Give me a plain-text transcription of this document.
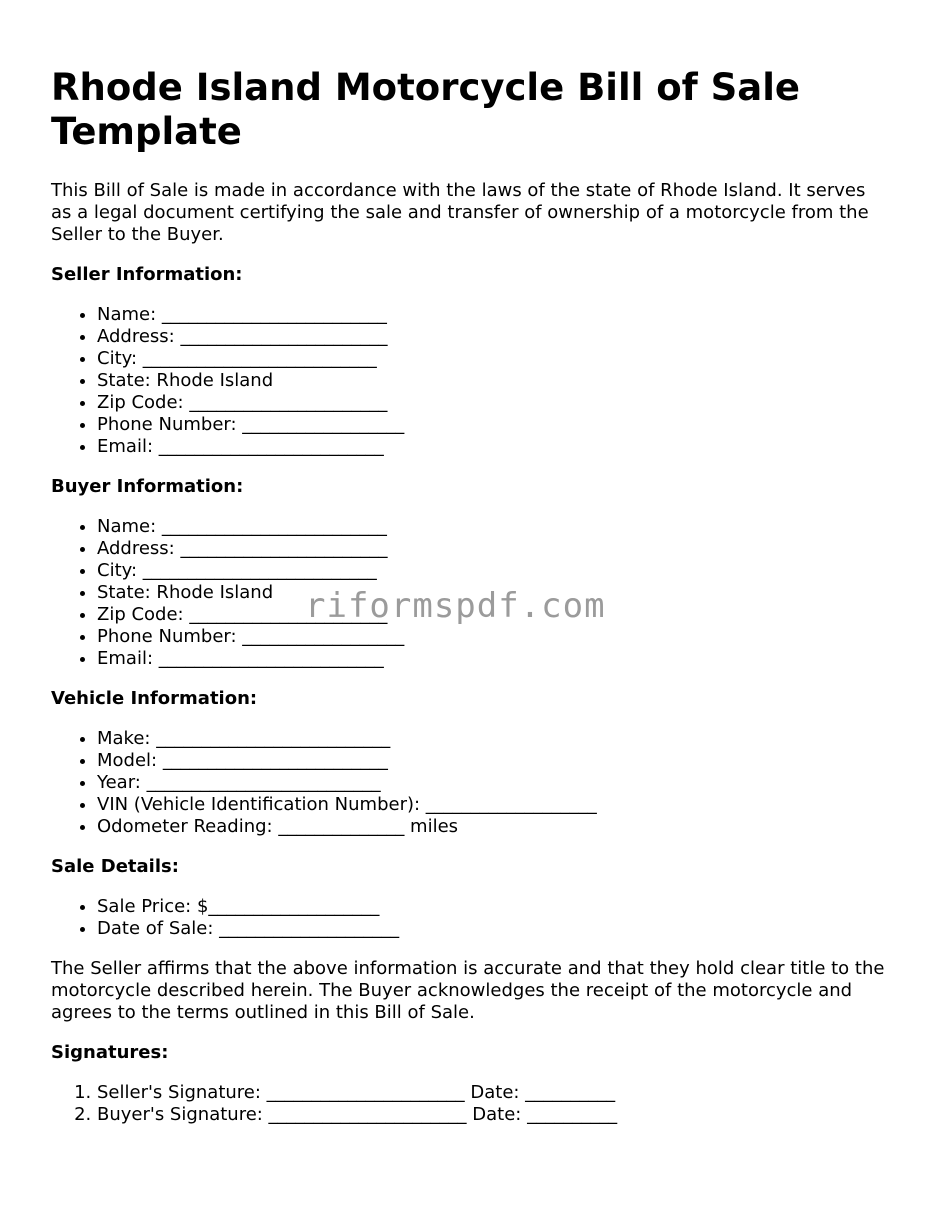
Rhode Island Motorcycle Bill of Sale Template

This Bill of Sale is made in accordance with the laws of the state of Rhode Island. It serves as a legal document certifying the sale and transfer of ownership of a motorcycle from the Seller to the Buyer.

Seller Information:
• Name: _________________________
• Address: _______________________
• City: __________________________
• State: Rhode Island
• Zip Code: ______________________
• Phone Number: __________________
• Email: _________________________
Buyer Information:
• Name: _________________________
• Address: _______________________
• City: __________________________
• State: Rhode Island
• Zip Code: ______________________
• Phone Number: __________________
• Email: _________________________
Vehicle Information:
• Make: __________________________
• Model: _________________________
• Year: __________________________
• VIN (Vehicle Identification Number): ___________________
• Odometer Reading: ______________ miles
Sale Details:
• Sale Price: $___________________
• Date of Sale: ____________________

The Seller affirms that the above information is accurate and that they hold clear title to the motorcycle described herein. The Buyer acknowledges the receipt of the motorcycle and agrees to the terms outlined in this Bill of Sale.

Signatures:
1. Seller's Signature: ______________________ Date: __________
2. Buyer's Signature: ______________________ Date: __________
riformspdf.com
